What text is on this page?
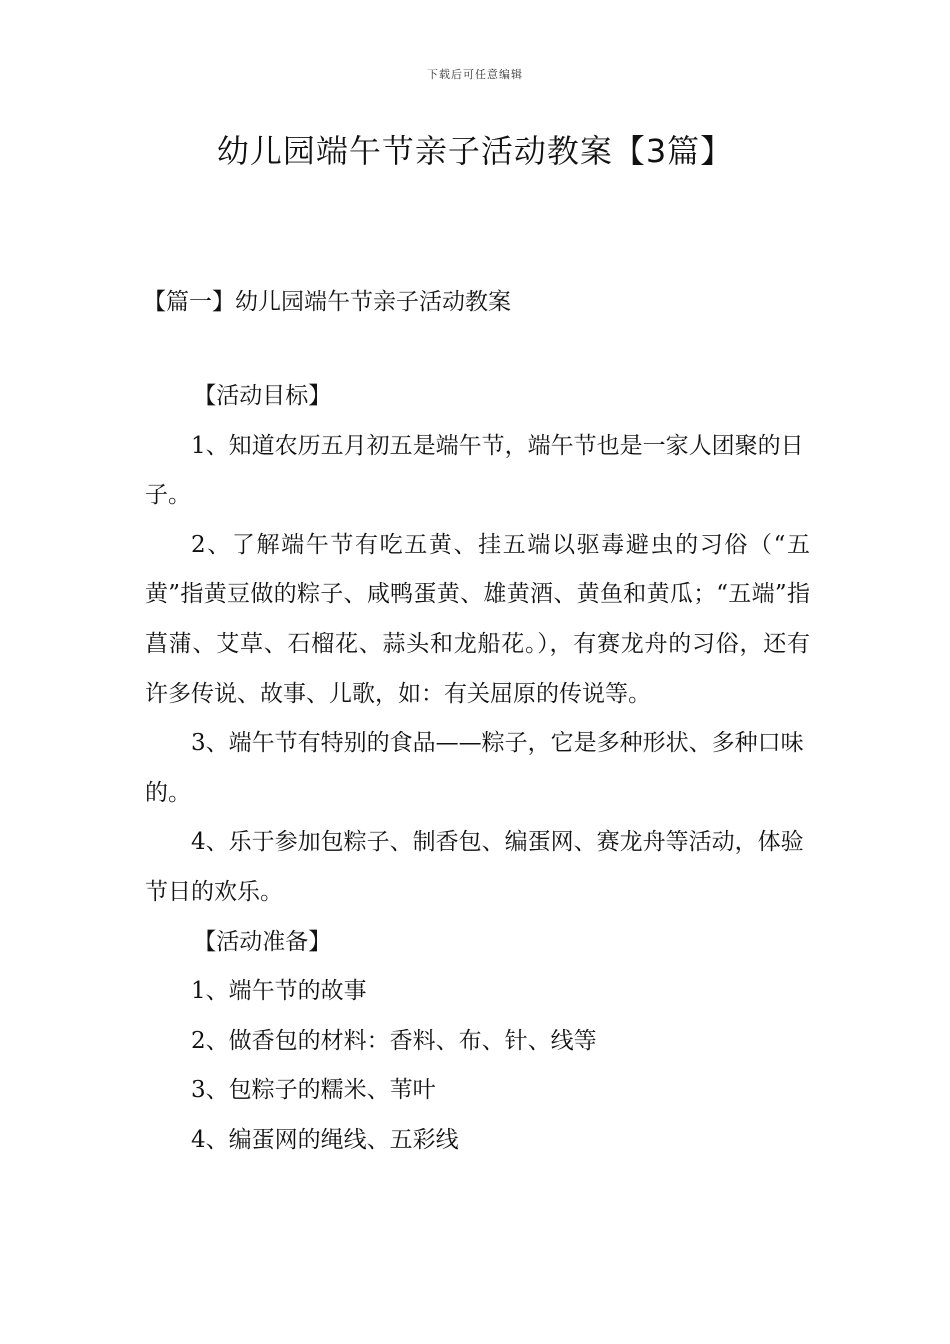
下载后可任意编辑
幼儿园端午节亲子活动教案【3篇】
【篇一】幼儿园端午节亲子活动教案

【活动目标】

1、知道农历五月初五是端午节，端午节也是一家人团聚的日子。

2、了解端午节有吃五黄、挂五端以驱毒避虫的习俗（“五黄”指黄豆做的粽子、咸鸭蛋黄、雄黄酒、黄鱼和黄瓜；“五端”指菖蒲、艾草、石榴花、蒜头和龙船花。），有赛龙舟的习俗，还有许多传说、故事、儿歌，如：有关屈原的传说等。

3、端午节有特别的食品——粽子，它是多种形状、多种口味的。

4、乐于参加包粽子、制香包、编蛋网、赛龙舟等活动，体验节日的欢乐。

【活动准备】

1、端午节的故事

2、做香包的材料：香料、布、针、线等

3、包粽子的糯米、苇叶

4、编蛋网的绳线、五彩线
